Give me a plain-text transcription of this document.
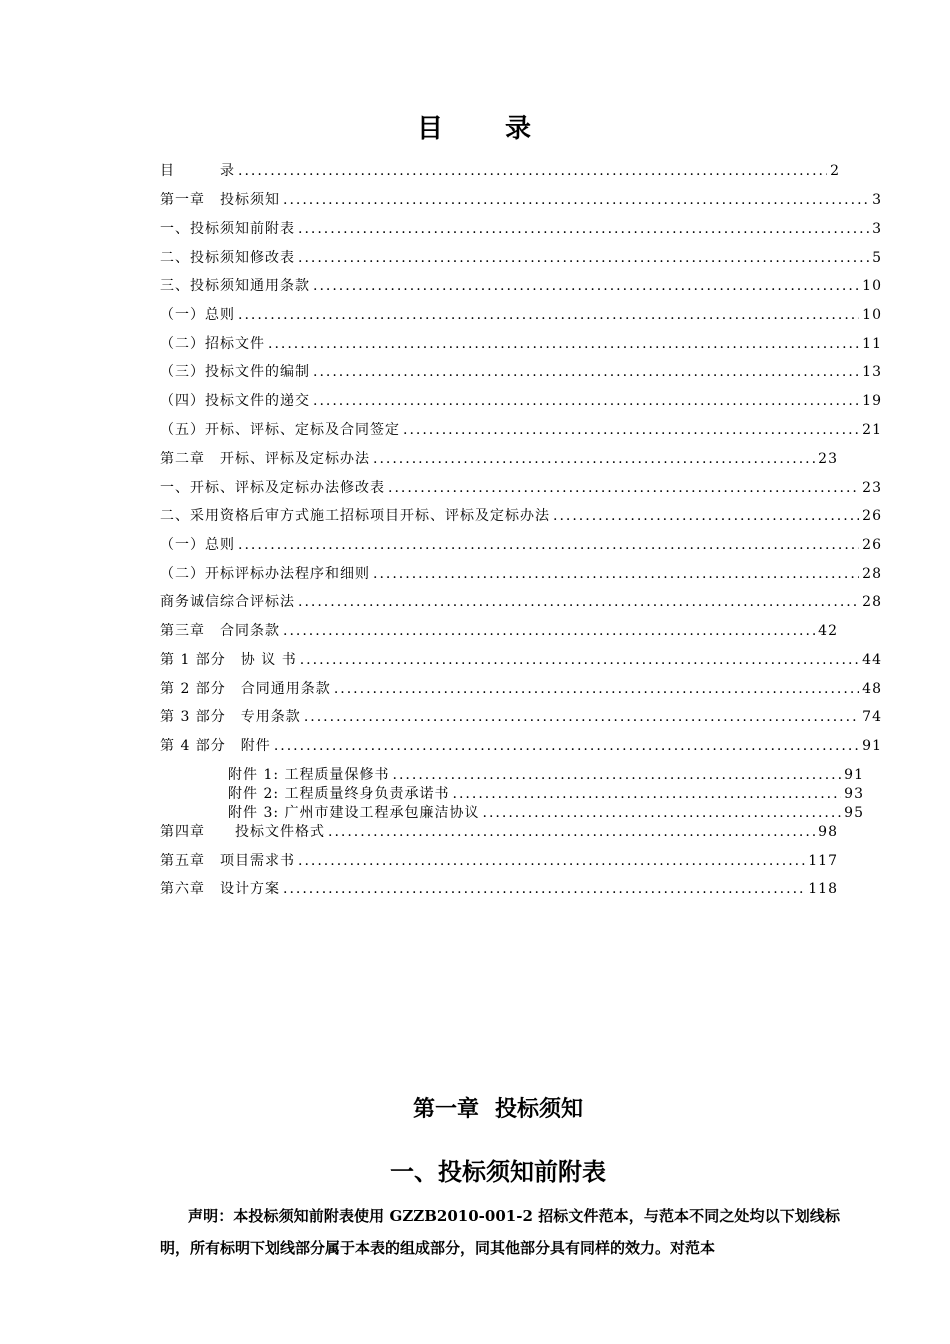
目 录
目　　　录 .....	2
第一章　投标须知 .....	3
一、投标须知前附表 .....	3
二、投标须知修改表 .....	5
三、投标须知通用条款 .....	10
（一）总则 .....	10
（二）招标文件 .....	11
（三）投标文件的编制 .....	13
（四）投标文件的递交 .....	19
（五）开标、评标、定标及合同签定 .....	21
第二章　开标、评标及定标办法 .....	23
一、开标、评标及定标办法修改表 .....	23
二、采用资格后审方式施工招标项目开标、评标及定标办法 .....	26
（一）总则 .....	26
（二）开标评标办法程序和细则 .....	28
商务诚信综合评标法 .....	28
第三章　合同条款 .....	42
第 1 部分　协 议 书 .....	44
第 2 部分　合同通用条款 .....	48
第 3 部分　专用条款 .....	74
第 4 部分　附件 .....	91
附件 1: 工程质量保修书 .....	91
附件 2: 工程质量终身负责承诺书 .....	93
附件 3: 广州市建设工程承包廉洁协议 .....	95
第四章　　投标文件格式 .....	98
第五章　项目需求书 .....	117
第六章　设计方案 .....	118
第一章 投标须知
一、投标须知前附表
声明：本投标须知前附表使用 GZZB2010-001-2 招标文件范本，与范本不同之处均以下划线标明，所有标明下划线部分属于本表的组成部分，同其他部分具有同样的效力。对范本
